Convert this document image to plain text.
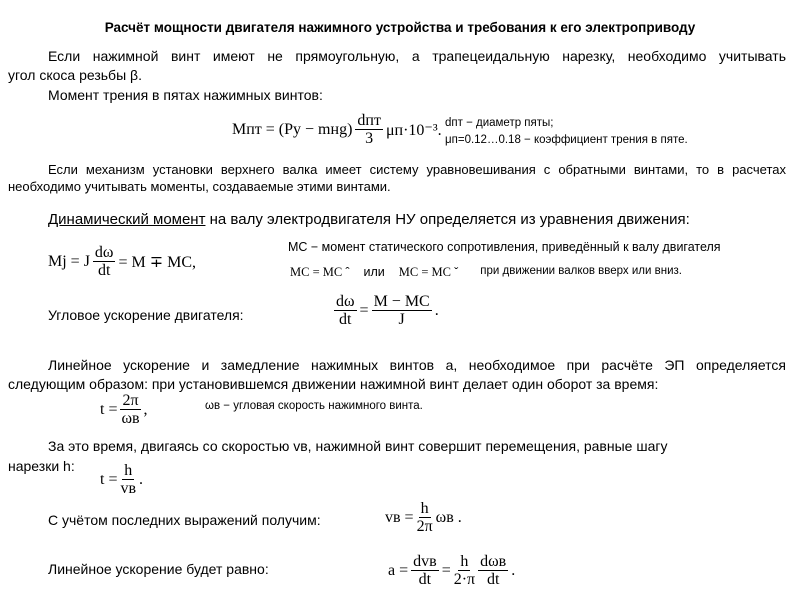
Расчёт мощности двигателя нажимного устройства и требования к его электроприводу
Если нажимной винт имеют не прямоугольную, а трапецеидальную нарезку, необходимо учитывать
угол скоса резьбы β.
Момент трения в пятах нажимных винтов:
Mпт = (Pу − mнg) dпт
3 μп·10⁻³. dпт − диаметр пяты;
μп=0.12…0.18 − коэффициент трения в пяте.
Если механизм установки верхнего валка имеет систему уравновешивания с обратными винтами, то в расчетах
необходимо учитывать моменты, создаваемые этими винтами.
Динамический момент на валу электродвигателя НУ определяется из уравнения движения:
Mj = J $\frac{d\omega}{dt} = M$ ∓ MC,
MC − момент статического сопротивления, приведённый к валу двигателя
MC = MC ˆ или MC = MC ˇ при движении валков вверх или вниз.
Угловое ускорение двигателя:	$\frac{d\omega}{dt} = \frac{M - MC}{J}$ .
Линейное ускорение и замедление нажимных винтов a, необходимое при расчёте ЭП определяется
следующим образом: при установившемся движении нажимной винт делает один оборот за время:
t = 2π
ωв
,	ωв − угловая скорость нажимного винта.
За это время, двигаясь со скоростью vв, нажимной винт совершит перемещения, равные шагу
нарезки h:
t = h
vв
.
С учётом последних выражений получим:	vв = $\frac{h}{2\pi}$ ωв .
Линейное ускорение будет равно:	a = dvв
dt
= $\frac{h}{2\cdot\pi}$ dωв
dt
.
